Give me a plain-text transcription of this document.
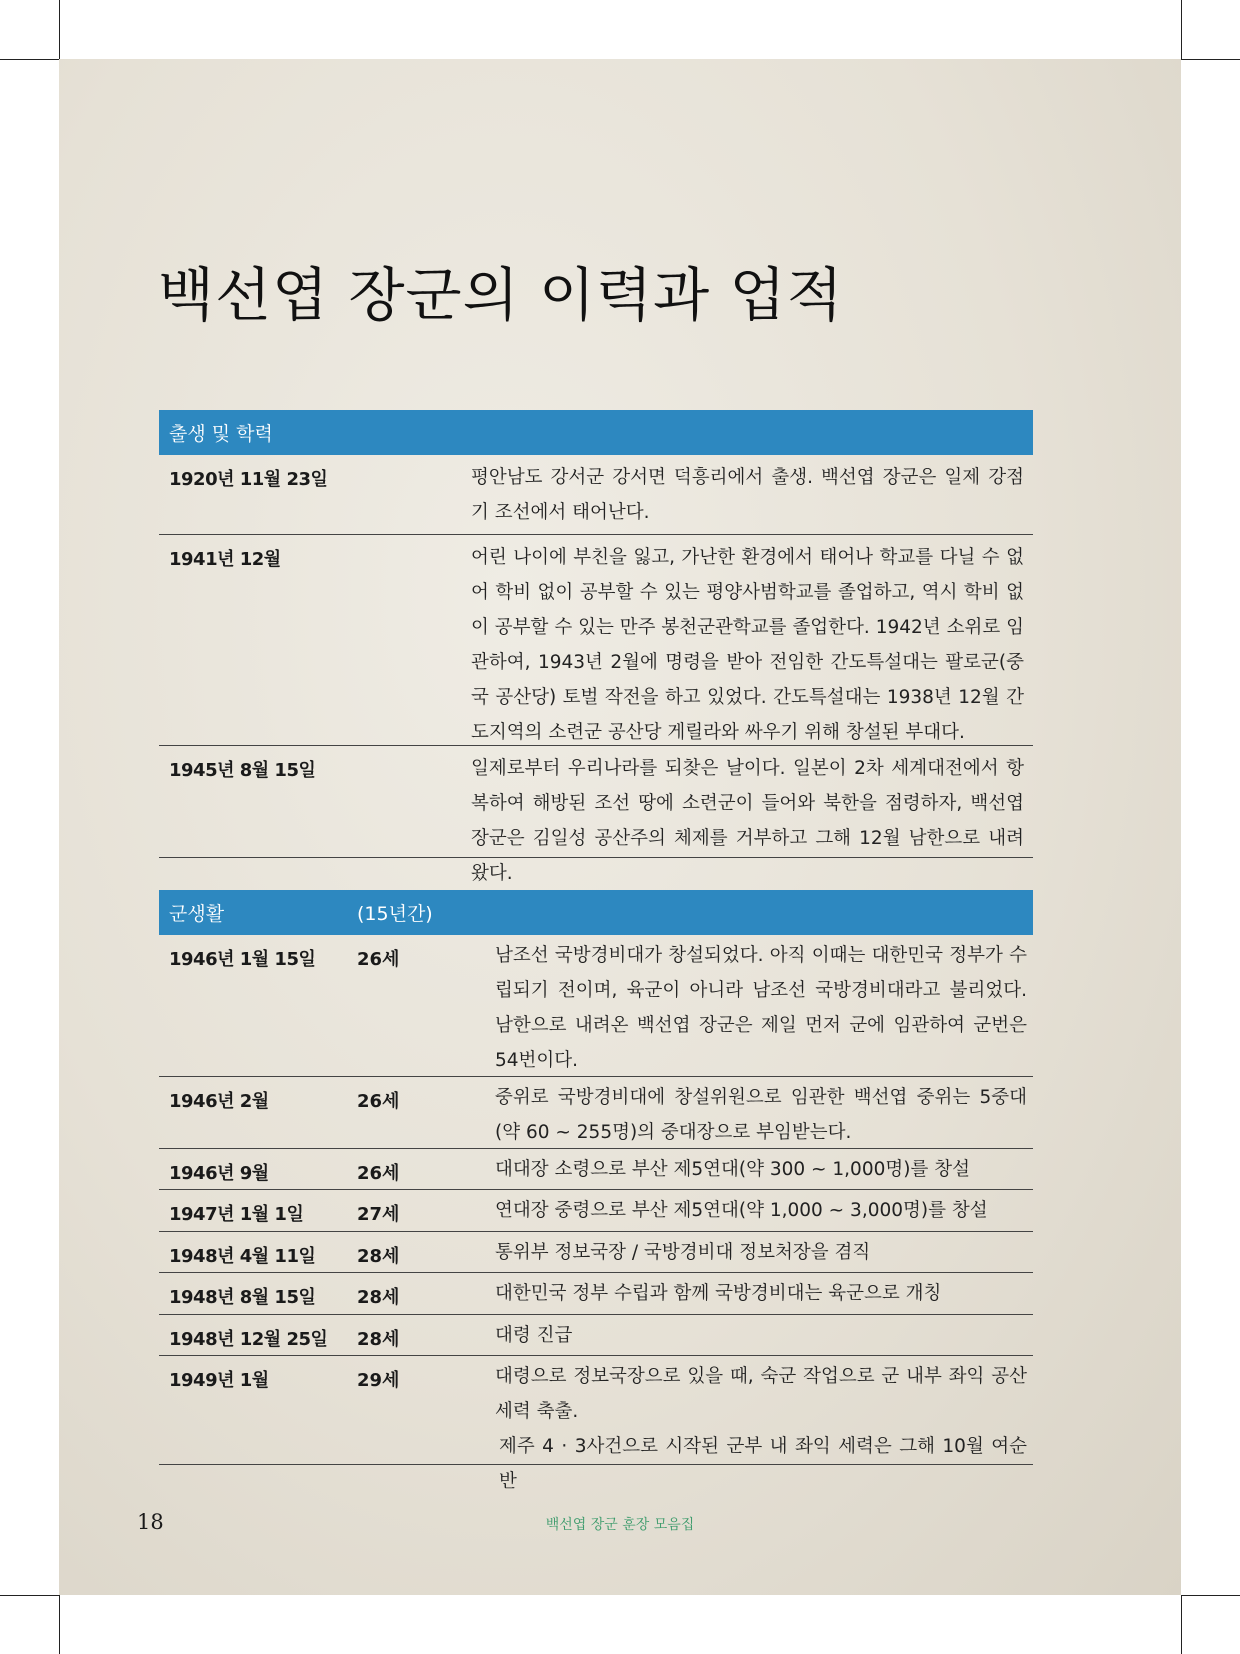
백선엽 장군의 이력과 업적
출생 및 학력
1920년 11월 23일	평안남도 강서군 강서면 덕흥리에서 출생. 백선엽 장군은 일제 강점기 조선에서 태어난다.
1941년 12월	어린 나이에 부친을 잃고, 가난한 환경에서 태어나 학교를 다닐 수 없어 학비 없이 공부할 수 있는 평양사범학교를 졸업하고, 역시 학비 없이 공부할 수 있는 만주 봉천군관학교를 졸업한다. 1942년 소위로 임관하여, 1943년 2월에 명령을 받아 전임한 간도특설대는 팔로군(중국 공산당) 토벌 작전을 하고 있었다. 간도특설대는 1938년 12월 간도지역의 소련군 공산당 게릴라와 싸우기 위해 창설된 부대다.
1945년 8월 15일	일제로부터 우리나라를 되찾은 날이다. 일본이 2차 세계대전에서 항복하여 해방된 조선 땅에 소련군이 들어와 북한을 점령하자, 백선엽 장군은 김일성 공산주의 체제를 거부하고 그해 12월 남한으로 내려왔다.
군생활	(15년간)
1946년 1월 15일 26세	남조선 국방경비대가 창설되었다. 아직 이때는 대한민국 정부가 수립되기 전이며, 육군이 아니라 남조선 국방경비대라고 불리었다. 남한으로 내려온 백선엽 장군은 제일 먼저 군에 임관하여 군번은 54번이다.
1946년 2월	26세	중위로 국방경비대에 창설위원으로 임관한 백선엽 중위는 5중대(약 60 ~ 255명)의 중대장으로 부임받는다.
1946년 9월	26세	대대장 소령으로 부산 제5연대(약 300 ~ 1,000명)를 창설
1947년 1월 1일	27세	연대장 중령으로 부산 제5연대(약 1,000 ~ 3,000명)를 창설
1948년 4월 11일 28세	통위부 정보국장 / 국방경비대 정보처장을 겸직
1948년 8월 15일 28세	대한민국 정부 수립과 함께 국방경비대는 육군으로 개칭
1948년 12월 25일 28세	대령 진급
1949년 1월	29세	대령으로 정보국장으로 있을 때, 숙군 작업으로 군 내부 좌익 공산세력 축출.
제주 4 · 3사건으로 시작된 군부 내 좌익 세력은 그해 10월 여순 반
18	백선엽 장군 훈장 모음집
